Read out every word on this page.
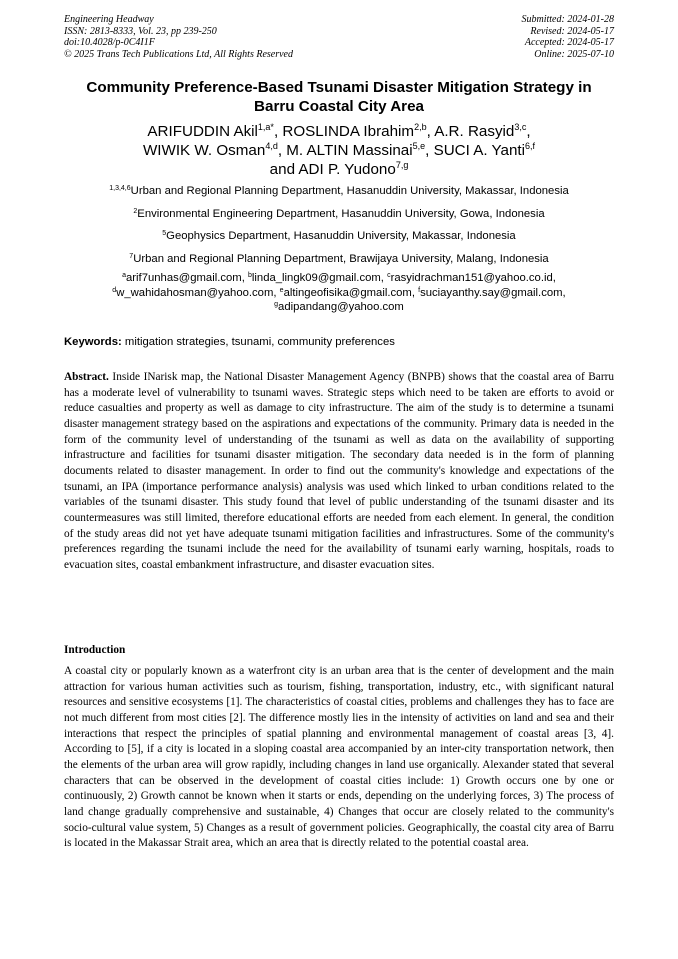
Engineering Headway
ISSN: 2813-8333, Vol. 23, pp 239-250
doi:10.4028/p-0C4I1F
© 2025 Trans Tech Publications Ltd, All Rights Reserved
Submitted: 2024-01-28
Revised: 2024-05-17
Accepted: 2024-05-17
Online: 2025-07-10
Community Preference-Based Tsunami Disaster Mitigation Strategy in
Barru Coastal City Area
ARIFUDDIN Akil$^{1,a*}$, ROSLINDA Ibrahim$^{2,b}$, A.R. Rasyid$^{3,c}$,
WIWIK W. Osman$^{4,d}$, M. ALTIN Massinai$^{5,e}$, SUCI A. Yanti$^{6,f}$
and ADI P. Yudono$^{7,g}$
$^{1,3,4,6}$Urban and Regional Planning Department, Hasanuddin University, Makassar, Indonesia
$^2$Environmental Engineering Department, Hasanuddin University, Gowa, Indonesia
$^5$Geophysics Department, Hasanuddin University, Makassar, Indonesia
$^7$Urban and Regional Planning Department, Brawijaya University, Malang, Indonesia
$^a$arif7unhas@gmail.com, $^b$linda_lingk09@gmail.com, $^c$rasyidrachman151@yahoo.co.id,
$^d$w_wahidahosman@yahoo.com, $^e$altingeofisika@gmail.com, $^f$suciayanthy.say@gmail.com,
$^g$adipandang@yahoo.com
Keywords: mitigation strategies, tsunami, community preferences
Abstract. Inside INarisk map, the National Disaster Management Agency (BNPB) shows that the coastal area of Barru has a moderate level of vulnerability to tsunami waves. Strategic steps which need to be taken are efforts to avoid or reduce casualties and property as well as damage to city infrastructure. The aim of the study is to determine a tsunami disaster management strategy based on the aspirations and expectations of the community. Primary data is needed in the form of the community level of understanding of the tsunami as well as data on the availability of supporting infrastructure and facilities for tsunami disaster mitigation. The secondary data needed is in the form of planning documents related to disaster management. In order to find out the community's knowledge and expectations of the tsunami, an IPA (importance performance analysis) analysis was used which linked to urban conditions related to the variables of the tsunami disaster. This study found that level of public understanding of the tsunami disaster and its countermeasures was still limited, therefore educational efforts are needed from each element. In general, the condition of the study areas did not yet have adequate tsunami mitigation facilities and infrastructures. Some of the community's preferences regarding the tsunami include the need for the availability of tsunami early warning, hospitals, roads to evacuation sites, coastal embankment infrastructure, and disaster evacuation sites.
Introduction
A coastal city or popularly known as a waterfront city is an urban area that is the center of development and the main attraction for various human activities such as tourism, fishing, transportation, industry, etc., with significant natural resources and sensitive ecosystems [1]. The characteristics of coastal cities, problems and challenges they has to face are not much different from most cities [2]. The difference mostly lies in the intensity of activities on land and sea and their interactions that respect the principles of spatial planning and environmental management of coastal areas [3, 4]. According to [5], if a city is located in a sloping coastal area accompanied by an inter-city transportation network, then the elements of the urban area will grow rapidly, including changes in land use organically. Alexander stated that several characters that can be observed in the development of coastal cities include: 1) Growth occurs one by one or continuously, 2) Growth cannot be known when it starts or ends, depending on the underlying forces, 3) The process of land change gradually comprehensive and sustainable, 4) Changes that occur are closely related to the community's socio-cultural value system, 5) Changes as a result of government policies. Geographically, the coastal city area of Barru is located in the Makassar Strait area, which an area that is directly related to the potential coastal area.
